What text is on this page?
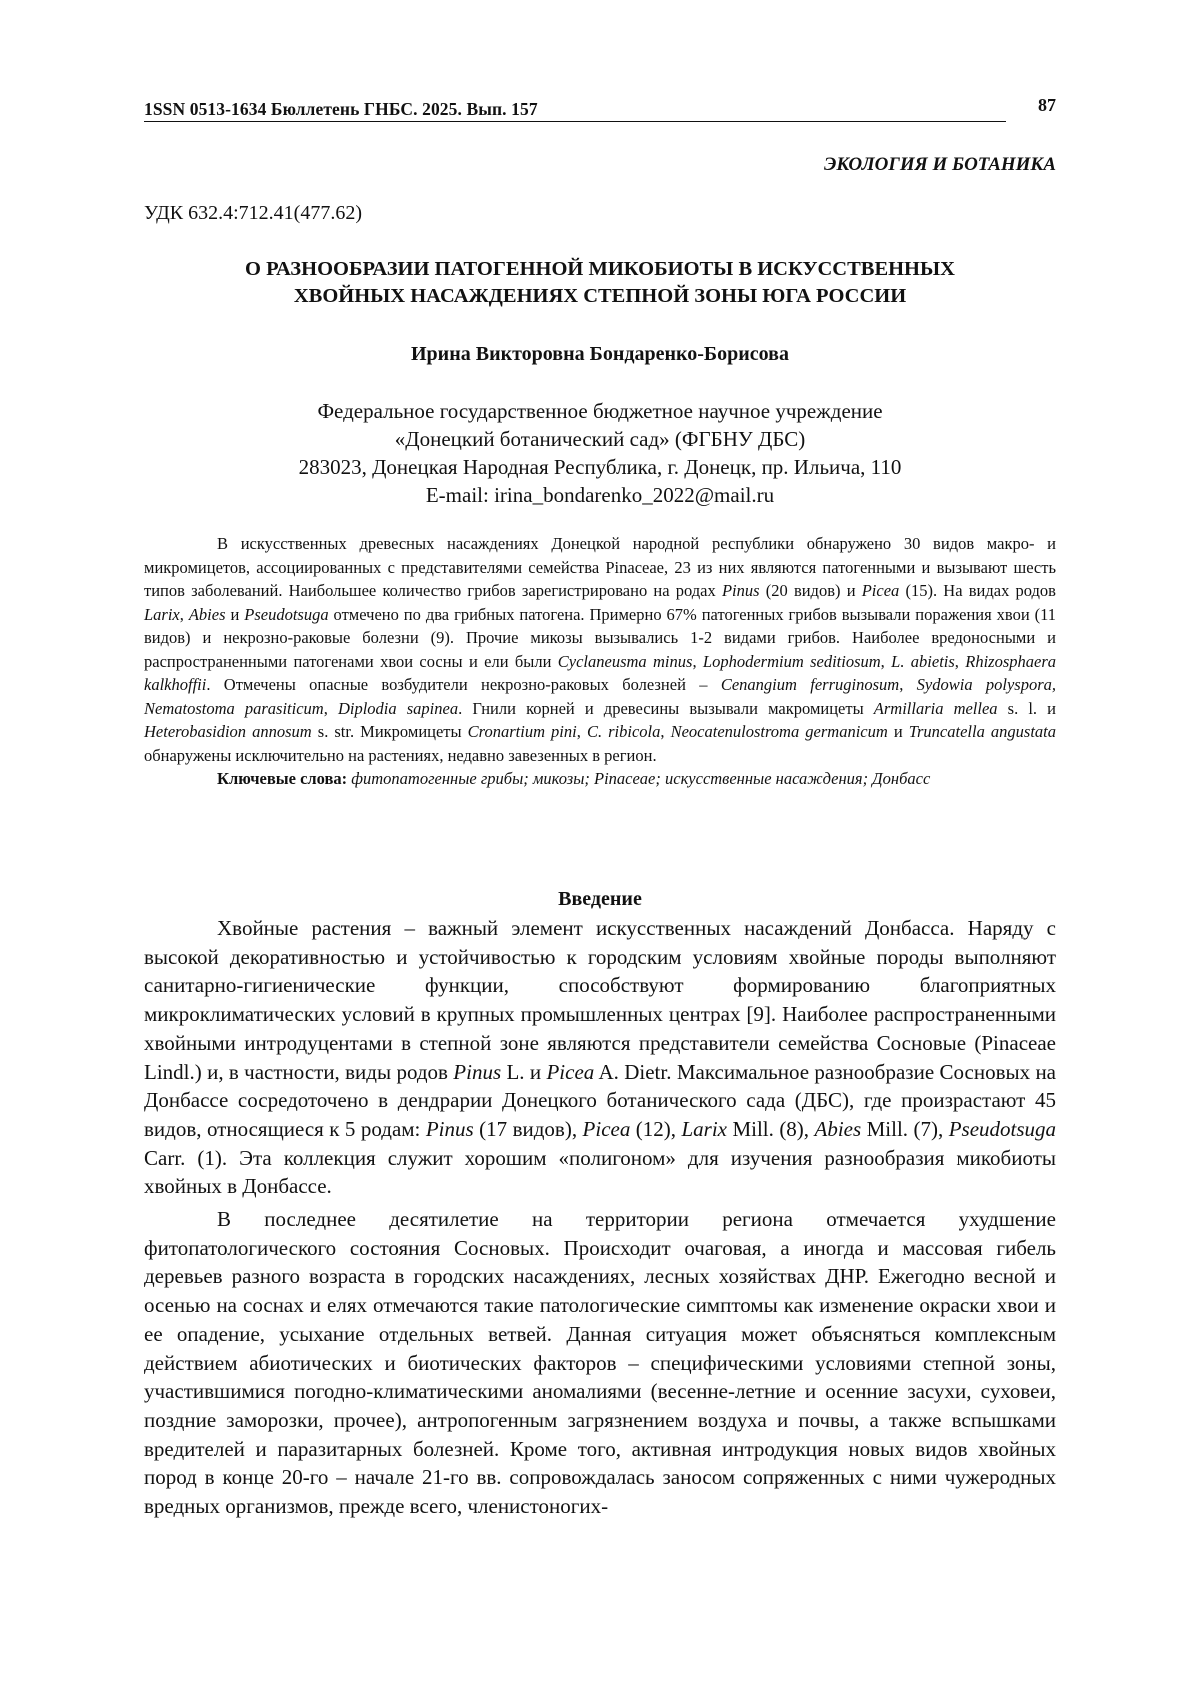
1SSN 0513-1634 Бюллетень ГНБС. 2025. Вып. 157	87
ЭКОЛОГИЯ И БОТАНИКА
УДК 632.4:712.41(477.62)
О РАЗНООБРАЗИИ ПАТОГЕННОЙ МИКОБИОТЫ В ИСКУССТВЕННЫХ
ХВОЙНЫХ НАСАЖДЕНИЯХ СТЕПНОЙ ЗОНЫ ЮГА РОССИИ
Ирина Викторовна Бондаренко-Борисова
Федеральное государственное бюджетное научное учреждение
«Донецкий ботанический сад» (ФГБНУ ДБС)
283023, Донецкая Народная Республика, г. Донецк, пр. Ильича, 110
E-mail: irina_bondarenko_2022@mail.ru

В искусственных древесных насаждениях Донецкой народной республики обнаружено 30 видов макро- и микромицетов, ассоциированных с представителями семейства Pinaceae, 23 из них являются патогенными и вызывают шесть типов заболеваний. Наибольшее количество грибов зарегистрировано на родах Pinus (20 видов) и Picea (15). На видах родов Larix, Abies и Pseudotsuga отмечено по два грибных патогена. Примерно 67% патогенных грибов вызывали поражения хвои (11 видов) и некрозно-раковые болезни (9). Прочие микозы вызывались 1-2 видами грибов. Наиболее вредоносными и распространенными патогенами хвои сосны и ели были Cyclaneusma minus, Lophodermium seditiosum, L. abietis, Rhizosphaera kalkhoffii. Отмечены опасные возбудители некрозно-раковых болезней – Cenangium ferruginosum, Sydowia polyspora, Nematostoma parasiticum, Diplodia sapinea. Гнили корней и древесины вызывали макромицеты Armillaria mellea s. l. и Heterobasidion annosum s. str. Микромицеты Cronartium pini, C. ribicola, Neocatenulostroma germanicum и Truncatella angustata обнаружены исключительно на растениях, недавно завезенных в регион.

Ключевые слова: фитопатогенные грибы; микозы; Pinaceae; искусственные насаждения; Донбасс

Введение

Хвойные растения – важный элемент искусственных насаждений Донбасса. Наряду с высокой декоративностью и устойчивостью к городским условиям хвойные породы выполняют санитарно-гигиенические функции, способствуют формированию благоприятных микроклиматических условий в крупных промышленных центрах [9]. Наиболее распространенными хвойными интродуцентами в степной зоне являются представители семейства Сосновые (Pinaceae Lindl.) и, в частности, виды родов Pinus L. и Picea A. Dietr. Максимальное разнообразие Сосновых на Донбассе сосредоточено в дендрарии Донецкого ботанического сада (ДБС), где произрастают 45 видов, относящиеся к 5 родам: Pinus (17 видов), Picea (12), Larix Mill. (8), Abies Mill. (7), Pseudotsuga Carr. (1). Эта коллекция служит хорошим «полигоном» для изучения разнообразия микобиоты хвойных в Донбассе.

В последнее десятилетие на территории региона отмечается ухудшение фитопатологического состояния Сосновых. Происходит очаговая, а иногда и массовая гибель деревьев разного возраста в городских насаждениях, лесных хозяйствах ДНР. Ежегодно весной и осенью на соснах и елях отмечаются такие патологические симптомы как изменение окраски хвои и ее опадение, усыхание отдельных ветвей. Данная ситуация может объясняться комплексным действием абиотических и биотических факторов – специфическими условиями степной зоны, участившимися погодно-климатическими аномалиями (весенне-летние и осенние засухи, суховеи, поздние заморозки, прочее), антропогенным загрязнением воздуха и почвы, а также вспышками вредителей и паразитарных болезней. Кроме того, активная интродукция новых видов хвойных пород в конце 20-го – начале 21-го вв. сопровождалась заносом сопряженных с ними чужеродных вредных организмов, прежде всего, членистоногих-
